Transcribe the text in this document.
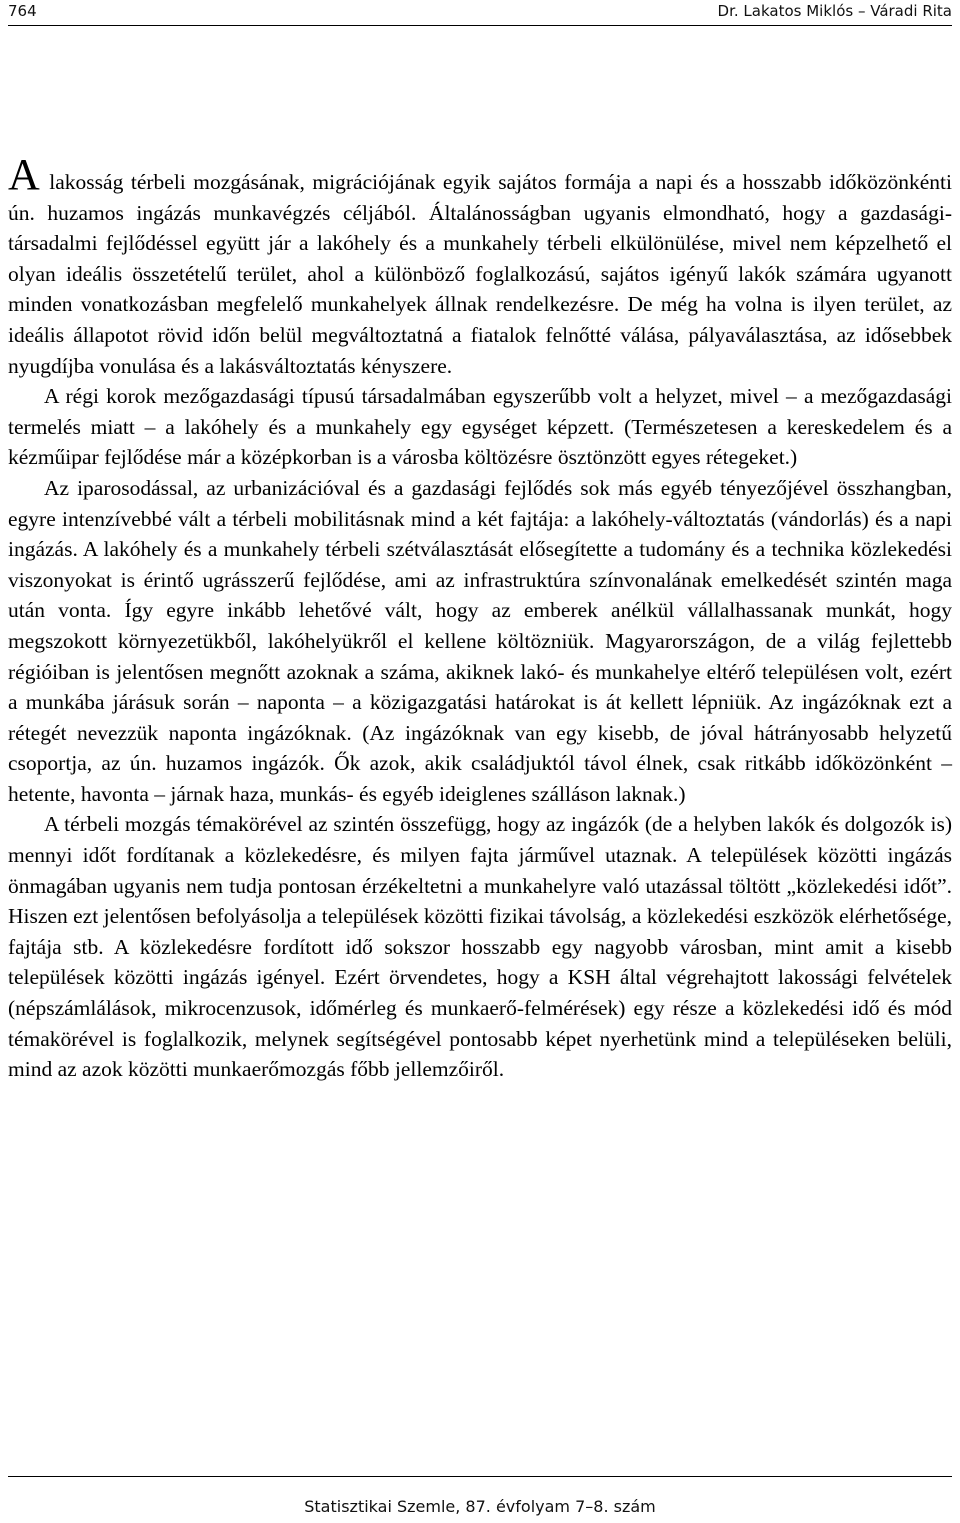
764	Dr. Lakatos Miklós – Váradi Rita

A lakosság térbeli mozgásának, migrációjának egyik sajátos formája a napi és a hosszabb időközönkénti ún. huzamos ingázás munkavégzés céljából. Általánosságban ugyanis elmondható, hogy a gazdasági-társadalmi fejlődéssel együtt jár a lakóhely és a munkahely térbeli elkülönülése, mivel nem képzelhető el olyan ideális összetételű terület, ahol a különböző foglalkozású, sajátos igényű lakók számára ugyanott minden vonatkozásban megfelelő munkahelyek állnak rendelkezésre. De még ha volna is ilyen terület, az ideális állapotot rövid időn belül megváltoztatná a fiatalok felnőtté válása, pályaválasztása, az idősebbek nyugdíjba vonulása és a lakásváltoztatás kényszere.

A régi korok mezőgazdasági típusú társadalmában egyszerűbb volt a helyzet, mivel – a mezőgazdasági termelés miatt – a lakóhely és a munkahely egy egységet képzett. (Természetesen a kereskedelem és a kézműipar fejlődése már a középkorban is a városba költözésre ösztönzött egyes rétegeket.)

Az iparosodással, az urbanizációval és a gazdasági fejlődés sok más egyéb tényezőjével összhangban, egyre intenzívebbé vált a térbeli mobilitásnak mind a két fajtája: a lakóhely-változtatás (vándorlás) és a napi ingázás. A lakóhely és a munkahely térbeli szétválasztását elősegítette a tudomány és a technika közlekedési viszonyokat is érintő ugrásszerű fejlődése, ami az infrastruktúra színvonalának emelkedését szintén maga után vonta. Így egyre inkább lehetővé vált, hogy az emberek anélkül vállalhassanak munkát, hogy megszokott környezetükből, lakóhelyükről el kellene költözniük. Magyarországon, de a világ fejlettebb régióiban is jelentősen megnőtt azoknak a száma, akiknek lakó- és munkahelye eltérő településen volt, ezért a munkába járásuk során – naponta – a közigazgatási határokat is át kellett lépniük. Az ingázóknak ezt a rétegét nevezzük naponta ingázóknak. (Az ingázóknak van egy kisebb, de jóval hátrányosabb helyzetű csoportja, az ún. huzamos ingázók. Ők azok, akik családjuktól távol élnek, csak ritkább időközönként – hetente, havonta – járnak haza, munkás- és egyéb ideiglenes szálláson laknak.)

A térbeli mozgás témakörével az szintén összefügg, hogy az ingázók (de a helyben lakók és dolgozók is) mennyi időt fordítanak a közlekedésre, és milyen fajta járművel utaznak. A települések közötti ingázás önmagában ugyanis nem tudja pontosan érzékeltetni a munkahelyre való utazással töltött „közlekedési időt”. Hiszen ezt jelentősen befolyásolja a települések közötti fizikai távolság, a közlekedési eszközök elérhetősége, fajtája stb. A közlekedésre fordított idő sokszor hosszabb egy nagyobb városban, mint amit a kisebb települések közötti ingázás igényel. Ezért örvendetes, hogy a KSH által végrehajtott lakossági felvételek (népszámlálások, mikrocenzusok, időmérleg és munkaerő-felmérések) egy része a közlekedési idő és mód témakörével is foglalkozik, melynek segítségével pontosabb képet nyerhetünk mind a településeken belüli, mind az azok közötti munkaerőmozgás főbb jellemzőiről.

Statisztikai Szemle, 87. évfolyam 7–8. szám
